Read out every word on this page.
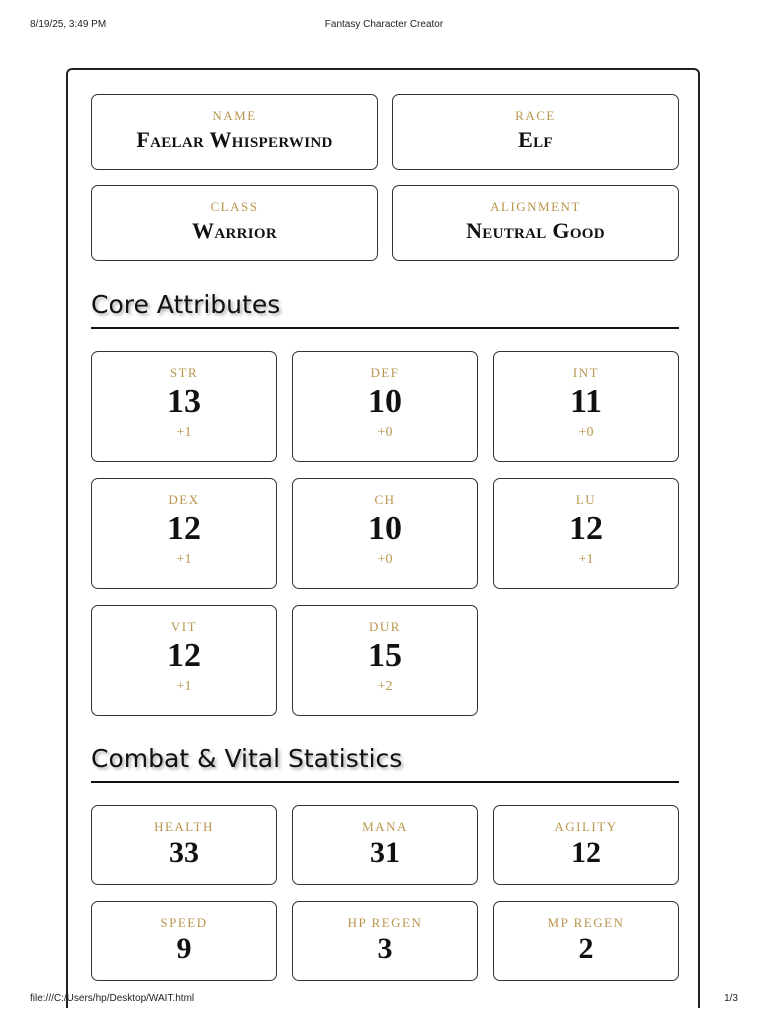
8/19/25, 3:49 PM	Fantasy Character Creator
NAME
Faelar Whisperwind
RACE
Elf
CLASS
Warrior
ALIGNMENT
Neutral Good
Core Attributes
STR
13
+1
DEF
10
+0
INT
11
+0
DEX
12
+1
CH
10
+0
LU
12
+1
VIT
12
+1
DUR
15
+2
Combat & Vital Statistics
HEALTH
33
MANA
31
AGILITY
12
SPEED
9
HP REGEN
3
MP REGEN
2
file:///C:/Users/hp/Desktop/WAIT.html	1/3
